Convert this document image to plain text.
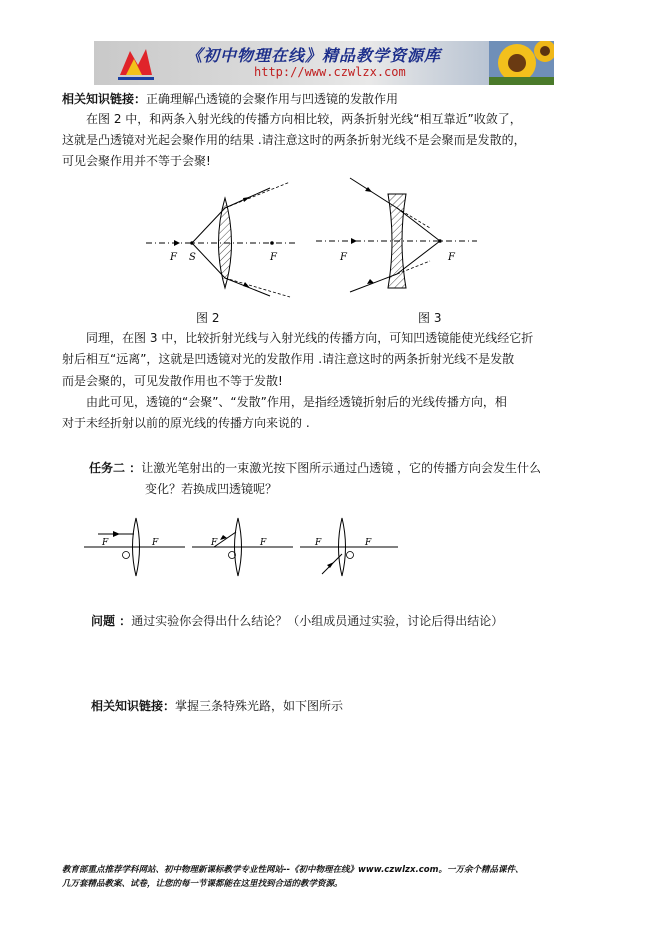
《初中物理在线》精品教学资源库
http://www.czwlzx.com

相关知识链接：正确理解凸透镜的会聚作用与凹透镜的发散作用

在图 2 中，和两条入射光线的传播方向相比较，两条折射光线“相互靠近”收敛了，

这就是凸透镜对光起会聚作用的结果 .请注意这时的两条折射光线不是会聚而是发散的，

可见会聚作用并不等于会聚!

F S	F	F	F

图 2	图 3

同理，在图 3 中，比较折射光线与入射光线的传播方向，可知凹透镜能使光线经它折

射后相互“远离”，这就是凹透镜对光的发散作用 .请注意这时的两条折射光线不是发散

而是会聚的，可见发散作用也不等于发散!

由此可见，透镜的“会聚”、“发散”作用，是指经透镜折射后的光线传播方向，相

对于未经折射以前的原光线的传播方向来说的 .

任务二 ：让激光笔射出的一束激光按下图所示通过凸透镜 ，它的传播方向会发生什么

变化？若换成凹透镜呢？

F	F	F	F	F	F

问题 ：通过实验你会得出什么结论？（小组成员通过实验，讨论后得出结论）

相关知识链接：掌握三条特殊光路，如下图所示

教育部重点推荐学科网站、初中物理新课标教学专业性网站--《初中物理在线》www.czwlzx.com。一万余个精品课件、
几万套精品教案、试卷，让您的每一节课都能在这里找到合适的教学资源。
